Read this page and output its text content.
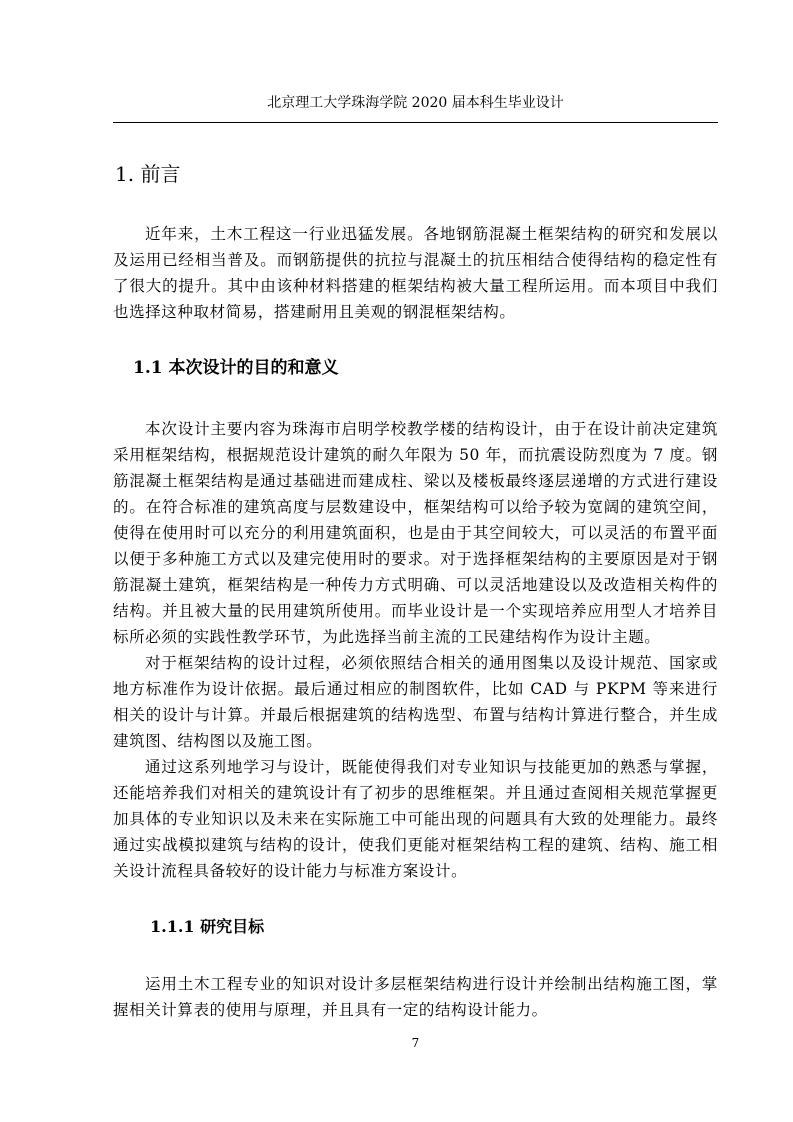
北京理工大学珠海学院 2020 届本科生毕业设计
1. 前言

近年来，土木工程这一行业迅猛发展。各地钢筋混凝土框架结构的研究和发展以及运用已经相当普及。而钢筋提供的抗拉与混凝土的抗压相结合使得结构的稳定性有了很大的提升。其中由该种材料搭建的框架结构被大量工程所运用。而本项目中我们也选择这种取材简易，搭建耐用且美观的钢混框架结构。

1.1 本次设计的目的和意义

本次设计主要内容为珠海市启明学校教学楼的结构设计，由于在设计前决定建筑采用框架结构，根据规范设计建筑的耐久年限为 50 年，而抗震设防烈度为 7 度。钢筋混凝土框架结构是通过基础进而建成柱、梁以及楼板最终逐层递增的方式进行建设的。在符合标准的建筑高度与层数建设中，框架结构可以给予较为宽阔的建筑空间，使得在使用时可以充分的利用建筑面积，也是由于其空间较大，可以灵活的布置平面以便于多种施工方式以及建完使用时的要求。对于选择框架结构的主要原因是对于钢筋混凝土建筑，框架结构是一种传力方式明确、可以灵活地建设以及改造相关构件的结构。并且被大量的民用建筑所使用。而毕业设计是一个实现培养应用型人才培养目标所必须的实践性教学环节，为此选择当前主流的工民建结构作为设计主题。

对于框架结构的设计过程，必须依照结合相关的通用图集以及设计规范、国家或地方标准作为设计依据。最后通过相应的制图软件，比如 CAD 与 PKPM 等来进行相关的设计与计算。并最后根据建筑的结构选型、布置与结构计算进行整合，并生成建筑图、结构图以及施工图。

通过这系列地学习与设计，既能使得我们对专业知识与技能更加的熟悉与掌握，还能培养我们对相关的建筑设计有了初步的思维框架。并且通过查阅相关规范掌握更加具体的专业知识以及未来在实际施工中可能出现的问题具有大致的处理能力。最终通过实战模拟建筑与结构的设计，使我们更能对框架结构工程的建筑、结构、施工相关设计流程具备较好的设计能力与标准方案设计。

1.1.1 研究目标

运用土木工程专业的知识对设计多层框架结构进行设计并绘制出结构施工图，掌握相关计算表的使用与原理，并且具有一定的结构设计能力。

7
